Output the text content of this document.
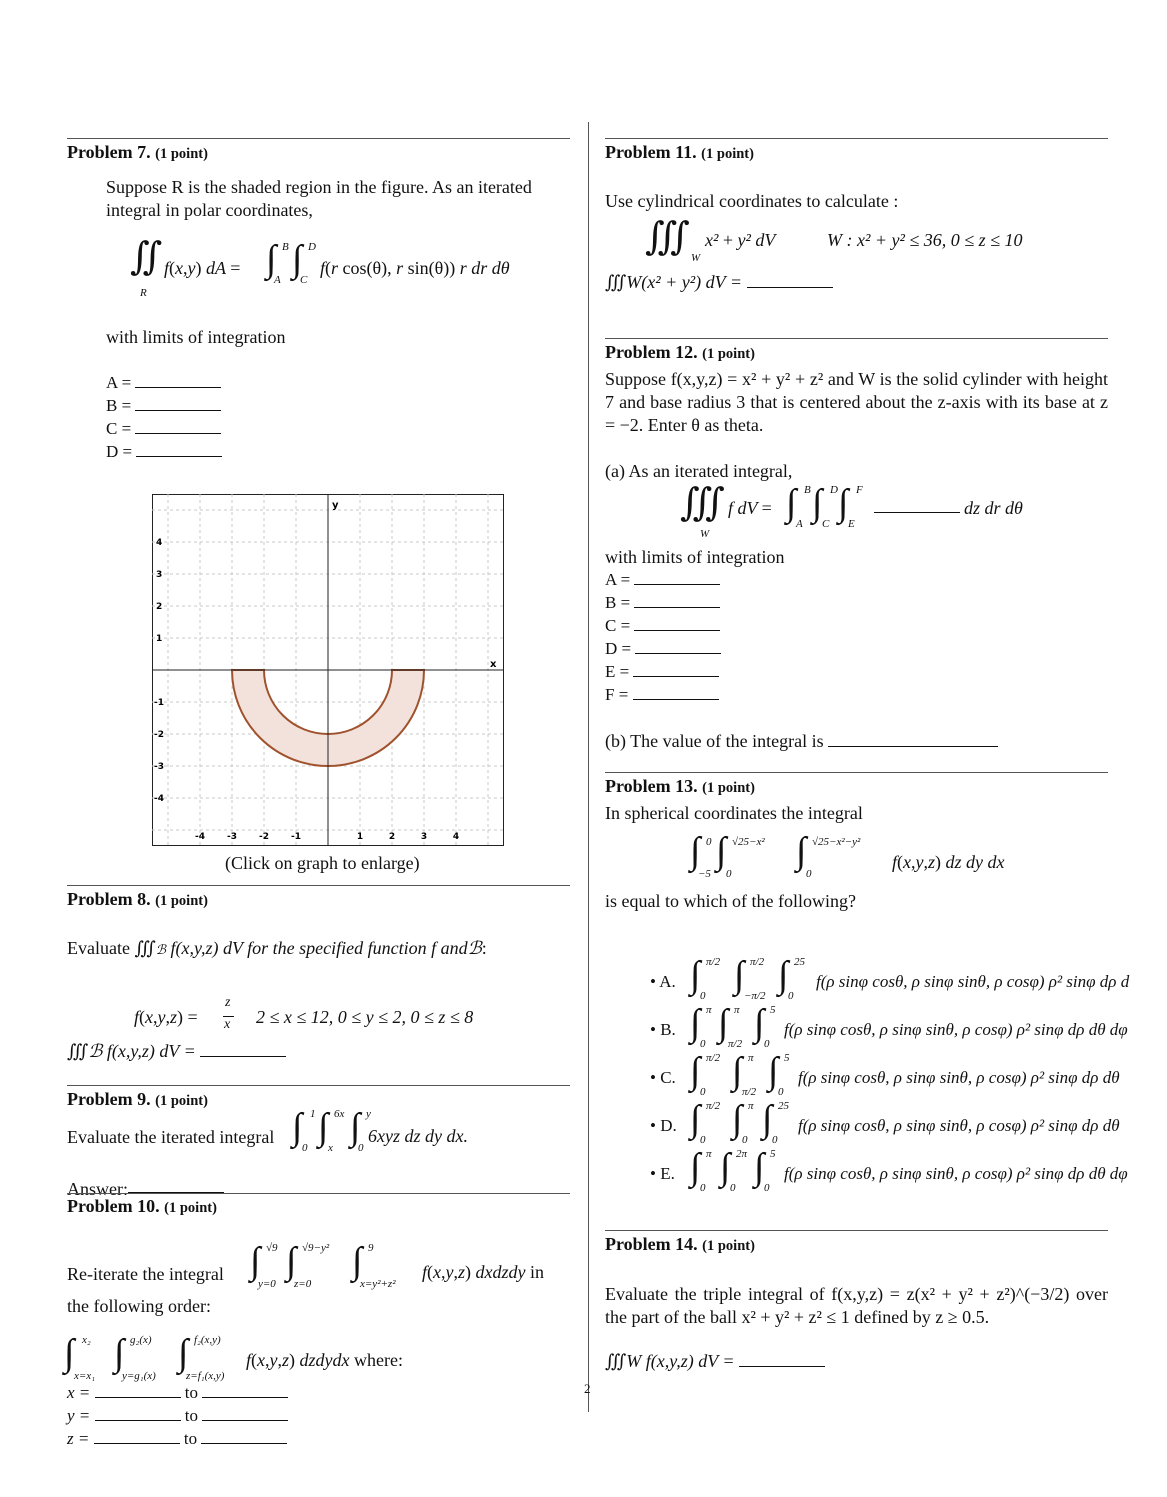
Problem 7. (1 point)
Suppose R is the shaded region in the figure. As an iterated integral in polar coordinates,
∬
R
f(x,y) dA = ∫ B
A ∫ D
C
f(r cos(θ), r sin(θ)) r dr dθ
with limits of integration
A =
B =
C =
D =
y
x
-4 -3 -2 -1	1	2	3	4
4
3
2
1
-1
-2
-3
-4
(Click on graph to enlarge)
Problem 8. (1 point)
Evaluate ∭ℬ f(x,y,z) dV for the specified function f andℬ:
f(x,y,z) =
z
x 2 ≤ x ≤ 12, 0 ≤ y ≤ 2, 0 ≤ z ≤ 8
∭ℬ f(x,y,z) dV =
Problem 9. (1 point)
Evaluate the iterated integral ∫ 1
0 ∫ 6x
x ∫ y
0
6xyz dz dy dx.
Answer:
Problem 10. (1 point)
Re-iterate the integral ∫ √9
y=0
∫ √9−y²
z=0
∫ 9
x=y²+z²
f(x,y,z) dxdzdy in
the following order:
∫ x₂
x=x₁
∫ g₂(x)
y=g₁(x)
∫ f₂(x,y)
z=f₁(x,y)
f(x,y,z) dzdydx where:
x =	to
y =	to
z =	to
2
Problem 11. (1 point)
Use cylindrical coordinates to calculate :
∭ W
x² + y² dV	W : x² + y² ≤ 36, 0 ≤ z ≤ 10
∭W(x² + y²) dV =
Problem 12. (1 point)
Suppose f(x,y,z) = x² + y² + z² and W is the solid cylinder with height 7 and base radius 3 that is centered about the z-axis with its base at z = −2. Enter θ as theta.
(a) As an iterated integral,
∭
W
f dV = ∫ B
A ∫ D
C ∫ F
E
dz dr dθ
with limits of integration
A =
B =
C =
D =
E =
F =
(b) The value of the integral is
Problem 13. (1 point)
In spherical coordinates the integral
∫ 0
−5
∫ √25−x²
0
∫ √25−x²−y²
0
f(x,y,z) dz dy dx
is equal to which of the following?
• A. ∫ π/2
0 ∫ π/2
−π/2 ∫ 25
0
f(ρ sinφ cosθ, ρ sinφ sinθ, ρ cosφ) ρ² sinφ dρ d
• B. ∫ π
0 ∫ π
π/2 ∫ 5
0
f(ρ sinφ cosθ, ρ sinφ sinθ, ρ cosφ) ρ² sinφ dρ dθ dφ
• C. ∫ π/2
0 ∫ π
π/2 ∫ 5
0
f(ρ sinφ cosθ, ρ sinφ sinθ, ρ cosφ) ρ² sinφ dρ dθ
• D. ∫ π/2
0 ∫ π
0 ∫ 25
0
f(ρ sinφ cosθ, ρ sinφ sinθ, ρ cosφ) ρ² sinφ dρ dθ
• E. ∫ π
0 ∫ 2π
0 ∫ 5
0
f(ρ sinφ cosθ, ρ sinφ sinθ, ρ cosφ) ρ² sinφ dρ dθ dφ
Problem 14. (1 point)
Evaluate the triple integral of f(x,y,z) = z(x² + y² + z²)^(−3/2) over the part of the ball x² + y² + z² ≤ 1 defined by z ≥ 0.5.
∭W f(x,y,z) dV =
